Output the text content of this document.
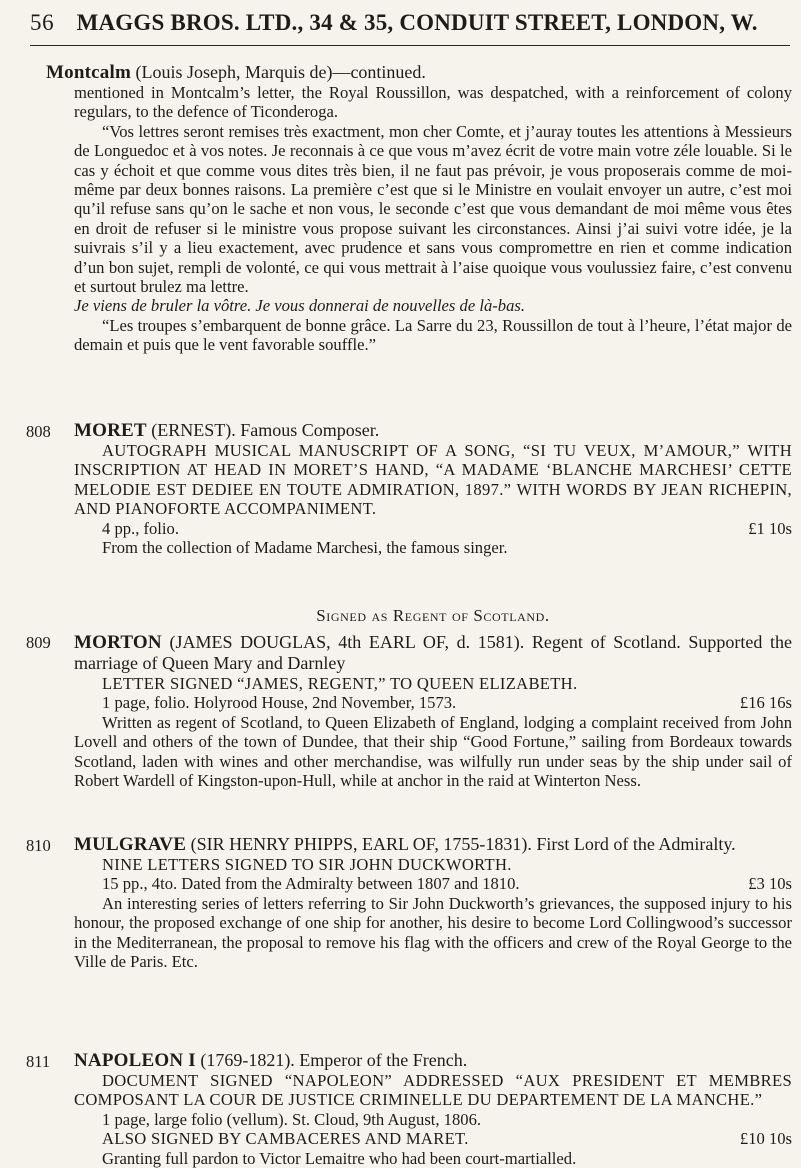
56 MAGGS BROS. LTD., 34 & 35, CONDUIT STREET, LONDON, W.
Montcalm (Louis Joseph, Marquis de)—continued.

mentioned in Montcalm’s letter, the Royal Roussillon, was despatched, with a reinforcement of colony regulars, to the defence of Ticonderoga.

“Vos lettres seront remises très exactment, mon cher Comte, et j’auray toutes les attentions à Messieurs de Longuedoc et à vos notes. Je reconnais à ce que vous m’avez écrit de votre main votre zéle louable. Si le cas y échoit et que comme vous dites très bien, il ne faut pas prévoir, je vous proposerais comme de moi-même par deux bonnes raisons. La première c’est que si le Ministre en voulait envoyer un autre, c’est moi qu’il refuse sans qu’on le sache et non vous, le seconde c’est que vous demandant de moi même vous êtes en droit de refuser si le ministre vous propose suivant les circonstances. Ainsi j’ai suivi votre idée, je la suivrais s’il y a lieu exactement, avec prudence et sans vous compromettre en rien et comme indication d’un bon sujet, rempli de volonté, ce qui vous mettrait à l’aise quoique vous voulussiez faire, c’est convenu et surtout brulez ma lettre.

Je viens de bruler la vôtre. Je vous donnerai de nouvelles de là-bas.

“Les troupes s’embarquent de bonne grâce. La Sarre du 23, Roussillon de tout à l’heure, l’état major de demain et puis que le vent favorable souffle.”

808 MORET (ERNEST). Famous Composer.

AUTOGRAPH MUSICAL MANUSCRIPT OF A SONG, “SI TU VEUX, M’AMOUR,” WITH INSCRIPTION AT HEAD IN MORET’S HAND, “A MADAME ‘BLANCHE MARCHESI’ CETTE MELODIE EST DEDIEE EN TOUTE ADMIRATION, 1897.” WITH WORDS BY JEAN RICHEPIN, AND PIANOFORTE ACCOMPANIMENT.

4 pp., folio.	£1 10s

From the collection of Madame Marchesi, the famous singer.

Signed as Regent of Scotland.
809 MORTON (JAMES DOUGLAS, 4th EARL OF, d. 1581). Regent of Scotland. Supported the marriage of Queen Mary and Darnley

LETTER SIGNED “JAMES, REGENT,” TO QUEEN ELIZABETH.

1 page, folio. Holyrood House, 2nd November, 1573.	£16 16s

Written as regent of Scotland, to Queen Elizabeth of England, lodging a complaint received from John Lovell and others of the town of Dundee, that their ship “Good Fortune,” sailing from Bordeaux towards Scotland, laden with wines and other merchandise, was wilfully run under seas by the ship under sail of Robert Wardell of Kingston-upon-Hull, while at anchor in the raid at Winterton Ness.

810 MULGRAVE (SIR HENRY PHIPPS, EARL OF, 1755-1831). First Lord of the Admiralty.

NINE LETTERS SIGNED TO SIR JOHN DUCKWORTH.

15 pp., 4to. Dated from the Admiralty between 1807 and 1810.	£3 10s

An interesting series of letters referring to Sir John Duckworth’s grievances, the supposed injury to his honour, the proposed exchange of one ship for another, his desire to become Lord Collingwood’s successor in the Mediterranean, the proposal to remove his flag with the officers and crew of the Royal George to the Ville de Paris. Etc.

811 NAPOLEON I (1769-1821). Emperor of the French.

DOCUMENT SIGNED “NAPOLEON” ADDRESSED “AUX PRESIDENT ET MEMBRES COMPOSANT LA COUR DE JUSTICE CRIMINELLE DU DEPARTEMENT DE LA MANCHE.”

1 page, large folio (vellum). St. Cloud, 9th August, 1806.

ALSO SIGNED BY CAMBACERES AND MARET.	£10 10s

Granting full pardon to Victor Lemaitre who had been court-martialled.
